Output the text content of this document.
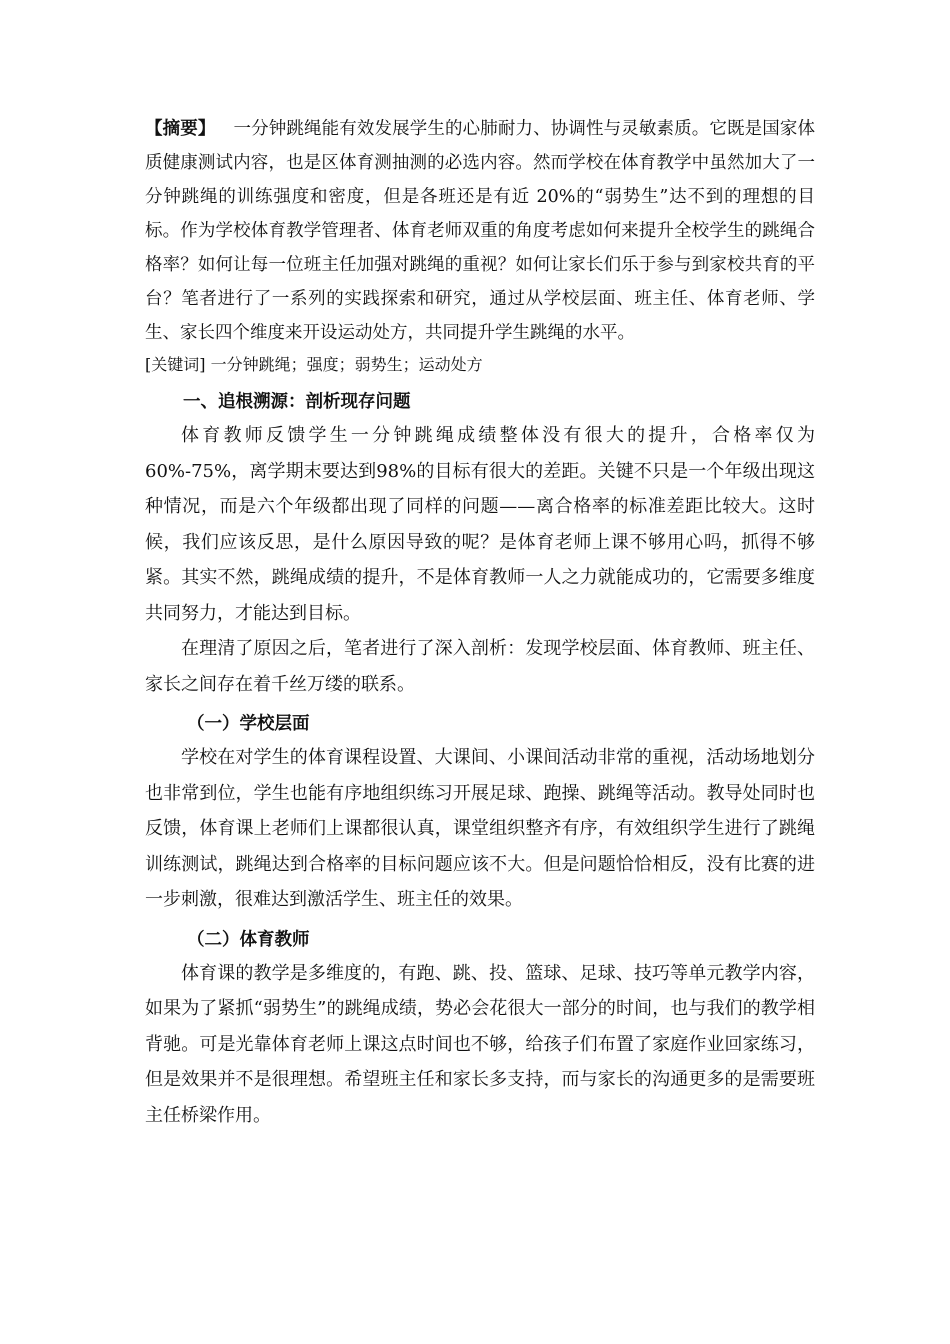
【摘要】 一分钟跳绳能有效发展学生的心肺耐力、协调性与灵敏素质。它既是国家体质健康测试内容，也是区体育测抽测的必选内容。然而学校在体育教学中虽然加大了一分钟跳绳的训练强度和密度，但是各班还是有近 20%的“弱势生”达不到的理想的目标。作为学校体育教学管理者、体育老师双重的角度考虑如何来提升全校学生的跳绳合格率？如何让每一位班主任加强对跳绳的重视？如何让家长们乐于参与到家校共育的平台？笔者进行了一系列的实践探索和研究，通过从学校层面、班主任、体育老师、学生、家长四个维度来开设运动处方，共同提升学生跳绳的水平。

[关键词] 一分钟跳绳；强度；弱势生；运动处方

一、追根溯源：剖析现存问题

体育教师反馈学生一分钟跳绳成绩整体没有很大的提升，合格率仅为 60%-75%，离学期末要达到98%的目标有很大的差距。关键不只是一个年级出现这种情况，而是六个年级都出现了同样的问题——离合格率的标准差距比较大。这时候，我们应该反思，是什么原因导致的呢？是体育老师上课不够用心吗，抓得不够紧。其实不然，跳绳成绩的提升，不是体育教师一人之力就能成功的，它需要多维度共同努力，才能达到目标。

在理清了原因之后，笔者进行了深入剖析：发现学校层面、体育教师、班主任、家长之间存在着千丝万缕的联系。

（一）学校层面

学校在对学生的体育课程设置、大课间、小课间活动非常的重视，活动场地划分也非常到位，学生也能有序地组织练习开展足球、跑操、跳绳等活动。教导处同时也反馈，体育课上老师们上课都很认真，课堂组织整齐有序，有效组织学生进行了跳绳训练测试，跳绳达到合格率的目标问题应该不大。但是问题恰恰相反，没有比赛的进一步刺激，很难达到激活学生、班主任的效果。

（二）体育教师

体育课的教学是多维度的，有跑、跳、投、篮球、足球、技巧等单元教学内容，如果为了紧抓“弱势生”的跳绳成绩，势必会花很大一部分的时间，也与我们的教学相背驰。可是光靠体育老师上课这点时间也不够，给孩子们布置了家庭作业回家练习，但是效果并不是很理想。希望班主任和家长多支持，而与家长的沟通更多的是需要班主任桥梁作用。
